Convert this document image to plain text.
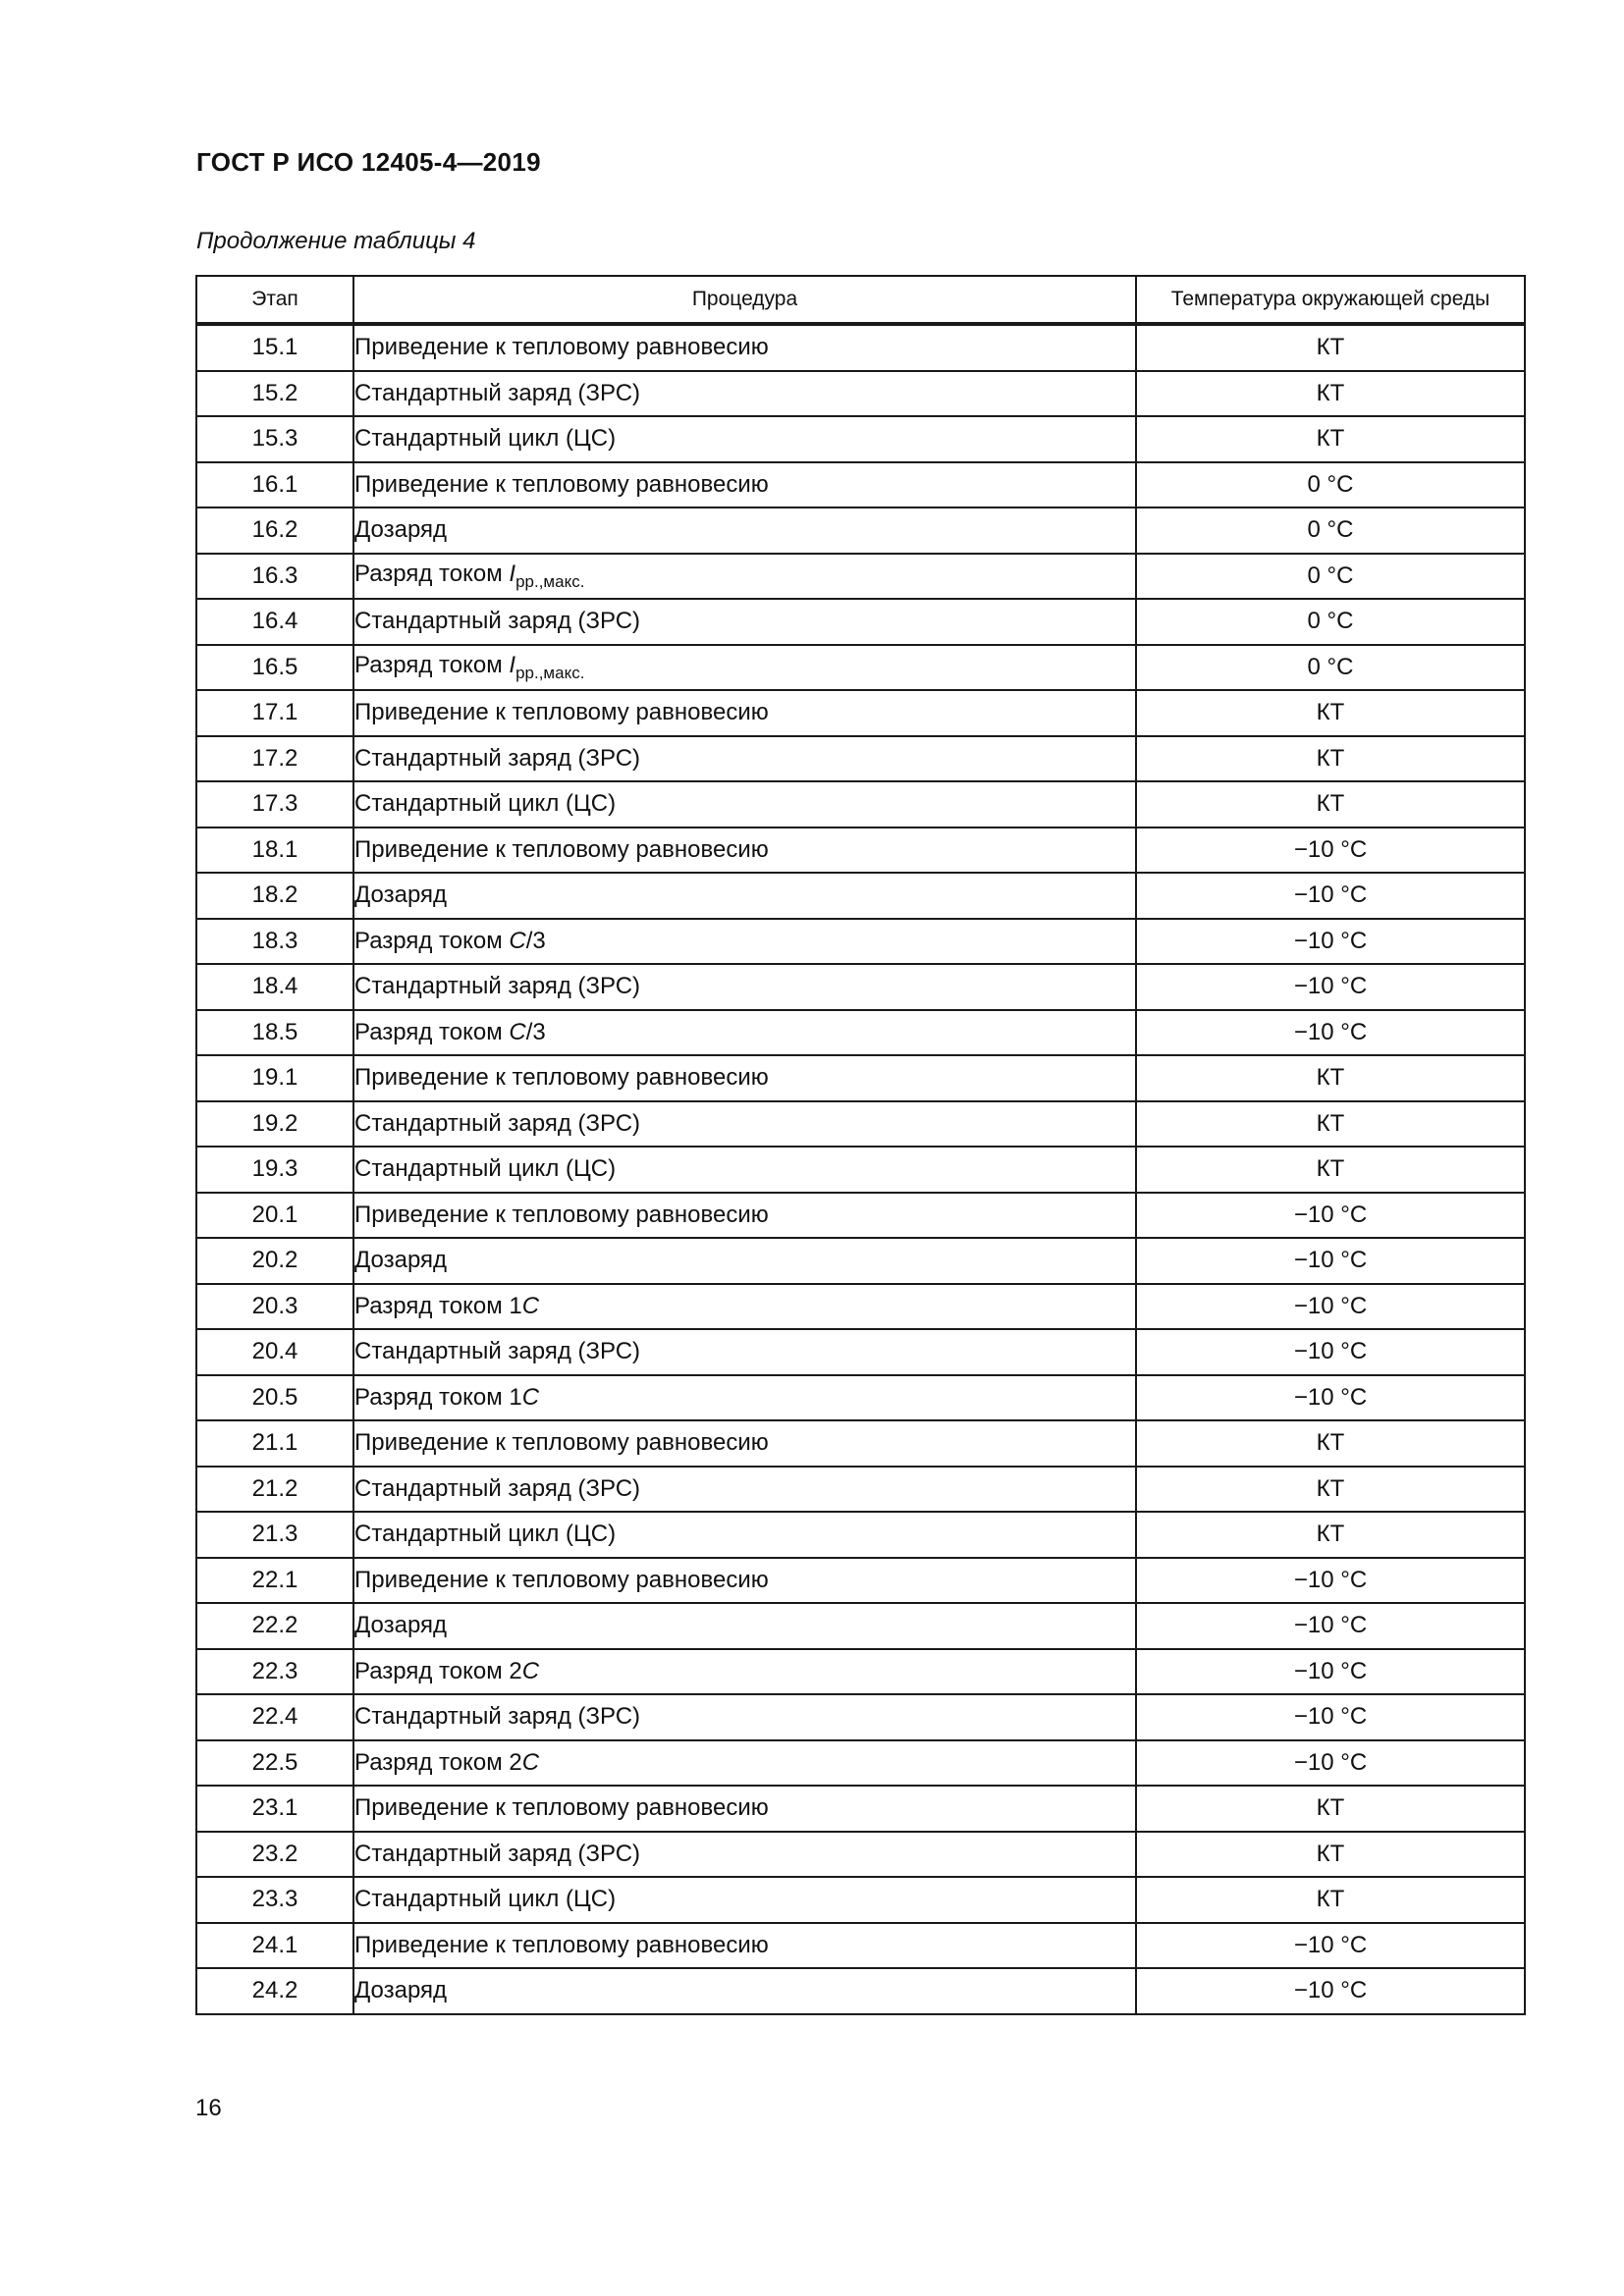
ГОСТ Р ИСО 12405-4—2019
Продолжение таблицы 4
Этап	Процедура	Температура окружающей среды
15.1	Приведение к тепловому равновесию	КТ
15.2	Стандартный заряд (ЗРС)	КТ
15.3	Стандартный цикл (ЦС)	КТ
16.1	Приведение к тепловому равновесию	0 °С
16.2	Дозаряд	0 °С
16.3	Разряд током $I_{рр.,макс.}$	0 °С
16.4	Стандартный заряд (ЗРС)	0 °С
16.5	Разряд током $I_{рр.,макс.}$	0 °С
17.1	Приведение к тепловому равновесию	КТ
17.2	Стандартный заряд (ЗРС)	КТ
17.3	Стандартный цикл (ЦС)	КТ
18.1	Приведение к тепловому равновесию	−10 °С
18.2	Дозаряд	−10 °С
18.3	Разряд током C/3	−10 °С
18.4	Стандартный заряд (ЗРС)	−10 °С
18.5	Разряд током C/3	−10 °С
19.1	Приведение к тепловому равновесию	КТ
19.2	Стандартный заряд (ЗРС)	КТ
19.3	Стандартный цикл (ЦС)	КТ
20.1	Приведение к тепловому равновесию	−10 °С
20.2	Дозаряд	−10 °С
20.3	Разряд током 1C	−10 °С
20.4	Стандартный заряд (ЗРС)	−10 °С
20.5	Разряд током 1C	−10 °С
21.1	Приведение к тепловому равновесию	КТ
21.2	Стандартный заряд (ЗРС)	КТ
21.3	Стандартный цикл (ЦС)	КТ
22.1	Приведение к тепловому равновесию	−10 °С
22.2	Дозаряд	−10 °С
22.3	Разряд током 2C	−10 °С
22.4	Стандартный заряд (ЗРС)	−10 °С
22.5	Разряд током 2C	−10 °С
23.1	Приведение к тепловому равновесию	КТ
23.2	Стандартный заряд (ЗРС)	КТ
23.3	Стандартный цикл (ЦС)	КТ
24.1	Приведение к тепловому равновесию	−10 °С
24.2	Дозаряд	−10 °С
16
